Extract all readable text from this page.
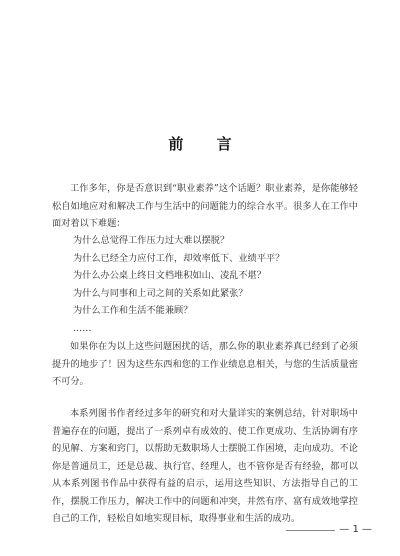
前 言
工作多年，你是否意识到“职业素养”这个话题？职业素养，是你能够轻松自如地应对和解决工作与生活中的问题能力的综合水平。很多人在工作中面对着以下难题：
为什么总觉得工作压力过大难以摆脱？
为什么已经全力应付工作，却效率低下、业绩平平？
为什么办公桌上终日文档堆积如山、凌乱不堪？
为什么与同事和上司之间的关系如此紧张？
为什么工作和生活不能兼顾？
……
如果你在为以上这些问题困扰的话，那么你的职业素养真已经到了必须提升的地步了！因为这些东西和您的工作业绩息息相关，与您的生活质量密不可分。
本系列图书作者经过多年的研究和对大量详实的案例总结，针对职场中普遍存在的问题，提出了一系列卓有成效的、使工作更成功、生活协调有序的见解、方案和窍门，以帮助无数职场人士摆脱工作困境，走向成功。不论你是普通员工，还是总裁、执行官、经理人，也不管你是否有经验，都可以从本系列图书作品中获得有益的启示，运用这些知识、方法指导自己的工作，摆脱工作压力，解决工作中的问题和冲突，井然有序、富有成效地掌控自己的工作，轻松自如地实现目标，取得事业和生活的成功。
— 1 —
